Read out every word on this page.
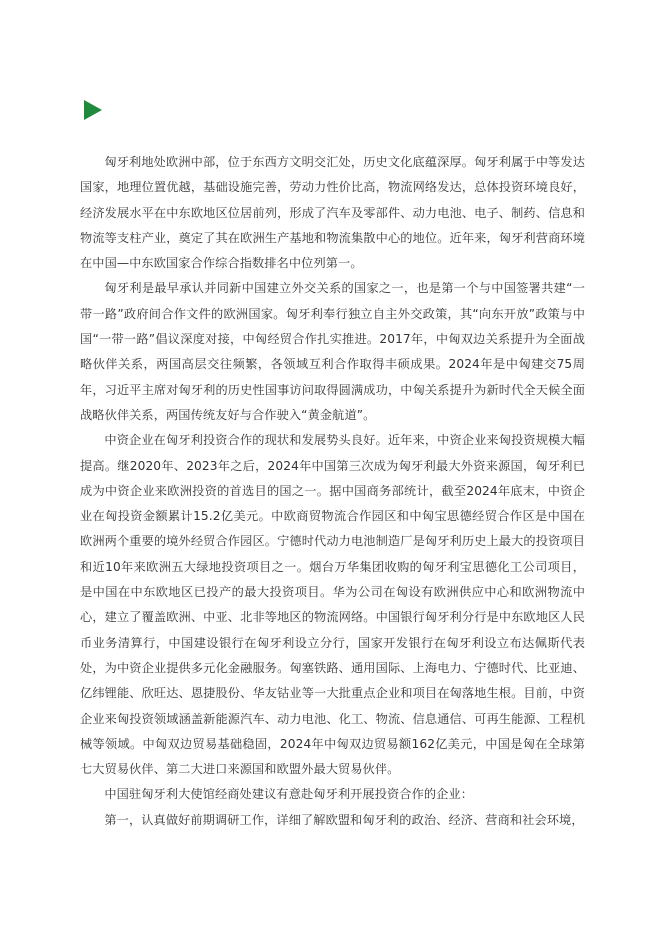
匈牙利地处欧洲中部，位于东西方文明交汇处，历史文化底蕴深厚。匈牙利属于中等发达国家，地理位置优越，基础设施完善，劳动力性价比高，物流网络发达，总体投资环境良好，经济发展水平在中东欧地区位居前列，形成了汽车及零部件、动力电池、电子、制药、信息和物流等支柱产业，奠定了其在欧洲生产基地和物流集散中心的地位。近年来，匈牙利营商环境在中国—中东欧国家合作综合指数排名中位列第一。

匈牙利是最早承认并同新中国建立外交关系的国家之一，也是第一个与中国签署共建“一带一路”政府间合作文件的欧洲国家。匈牙利奉行独立自主外交政策，其“向东开放”政策与中国“一带一路”倡议深度对接，中匈经贸合作扎实推进。2017年，中匈双边关系提升为全面战略伙伴关系，两国高层交往频繁，各领域互利合作取得丰硕成果。2024年是中匈建交75周年，习近平主席对匈牙利的历史性国事访问取得圆满成功，中匈关系提升为新时代全天候全面战略伙伴关系，两国传统友好与合作驶入“黄金航道”。

中资企业在匈牙利投资合作的现状和发展势头良好。近年来，中资企业来匈投资规模大幅提高。继2020年、2023年之后，2024年中国第三次成为匈牙利最大外资来源国，匈牙利已成为中资企业来欧洲投资的首选目的国之一。据中国商务部统计，截至2024年底末，中资企业在匈投资金额累计15.2亿美元。中欧商贸物流合作园区和中匈宝思德经贸合作区是中国在欧洲两个重要的境外经贸合作园区。宁德时代动力电池制造厂是匈牙利历史上最大的投资项目和近10年来欧洲五大绿地投资项目之一。烟台万华集团收购的匈牙利宝思德化工公司项目，是中国在中东欧地区已投产的最大投资项目。华为公司在匈设有欧洲供应中心和欧洲物流中心，建立了覆盖欧洲、中亚、北非等地区的物流网络。中国银行匈牙利分行是中东欧地区人民币业务清算行，中国建设银行在匈牙利设立分行，国家开发银行在匈牙利设立布达佩斯代表处，为中资企业提供多元化金融服务。匈塞铁路、通用国际、上海电力、宁德时代、比亚迪、亿纬锂能、欣旺达、恩捷股份、华友钴业等一大批重点企业和项目在匈落地生根。目前，中资企业来匈投资领域涵盖新能源汽车、动力电池、化工、物流、信息通信、可再生能源、工程机械等领域。中匈双边贸易基础稳固，2024年中匈双边贸易额162亿美元，中国是匈在全球第七大贸易伙伴、第二大进口来源国和欧盟外最大贸易伙伴。

中国驻匈牙利大使馆经商处建议有意赴匈牙利开展投资合作的企业：

第一，认真做好前期调研工作，详细了解欧盟和匈牙利的政治、经济、营商和社会环境，
